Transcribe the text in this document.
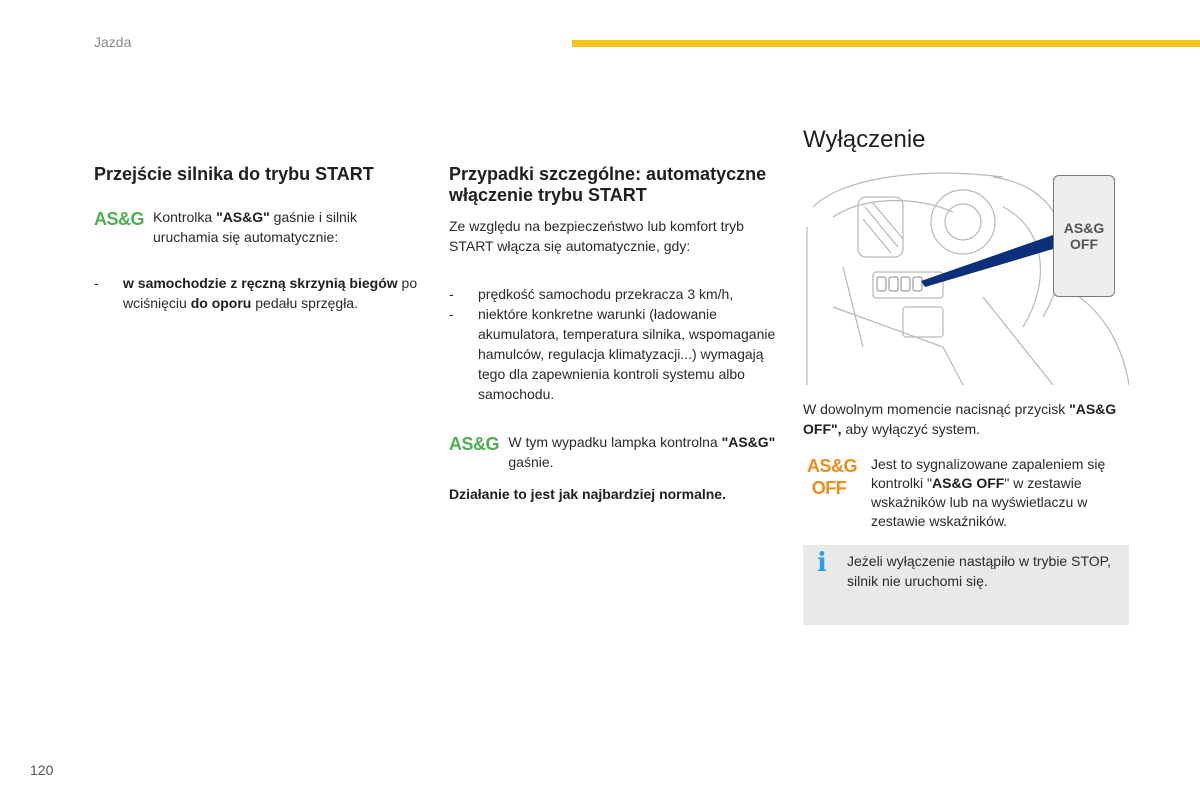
Jazda
Przejście silnika do trybu START
AS&G Kontrolka "AS&G" gaśnie i silnik uruchamia się automatycznie:
- w samochodzie z ręczną skrzynią biegów po wciśnięciu do oporu pedału sprzęgła.
Przypadki szczególne: automatyczne włączenie trybu START
Ze względu na bezpieczeństwo lub komfort tryb START włącza się automatycznie, gdy:
- prędkość samochodu przekracza 3 km/h,
- niektóre konkretne warunki (ładowanie akumulatora, temperatura silnika, wspomaganie hamulców, regulacja klimatyzacji...) wymagają tego dla zapewnienia kontroli systemu albo samochodu.
AS&G W tym wypadku lampka kontrolna "AS&G" gaśnie.
Działanie to jest jak najbardziej normalne.
Wyłączenie
AS&G OFF
W dowolnym momencie nacisnąć przycisk "AS&G OFF", aby wyłączyć system.
AS&G
OFF
Jest to sygnalizowane zapaleniem się kontrolki "AS&G OFF" w zestawie wskaźników lub na wyświetlaczu w zestawie wskaźników.
i Jeżeli wyłączenie nastąpiło w trybie STOP, silnik nie uruchomi się.
120
